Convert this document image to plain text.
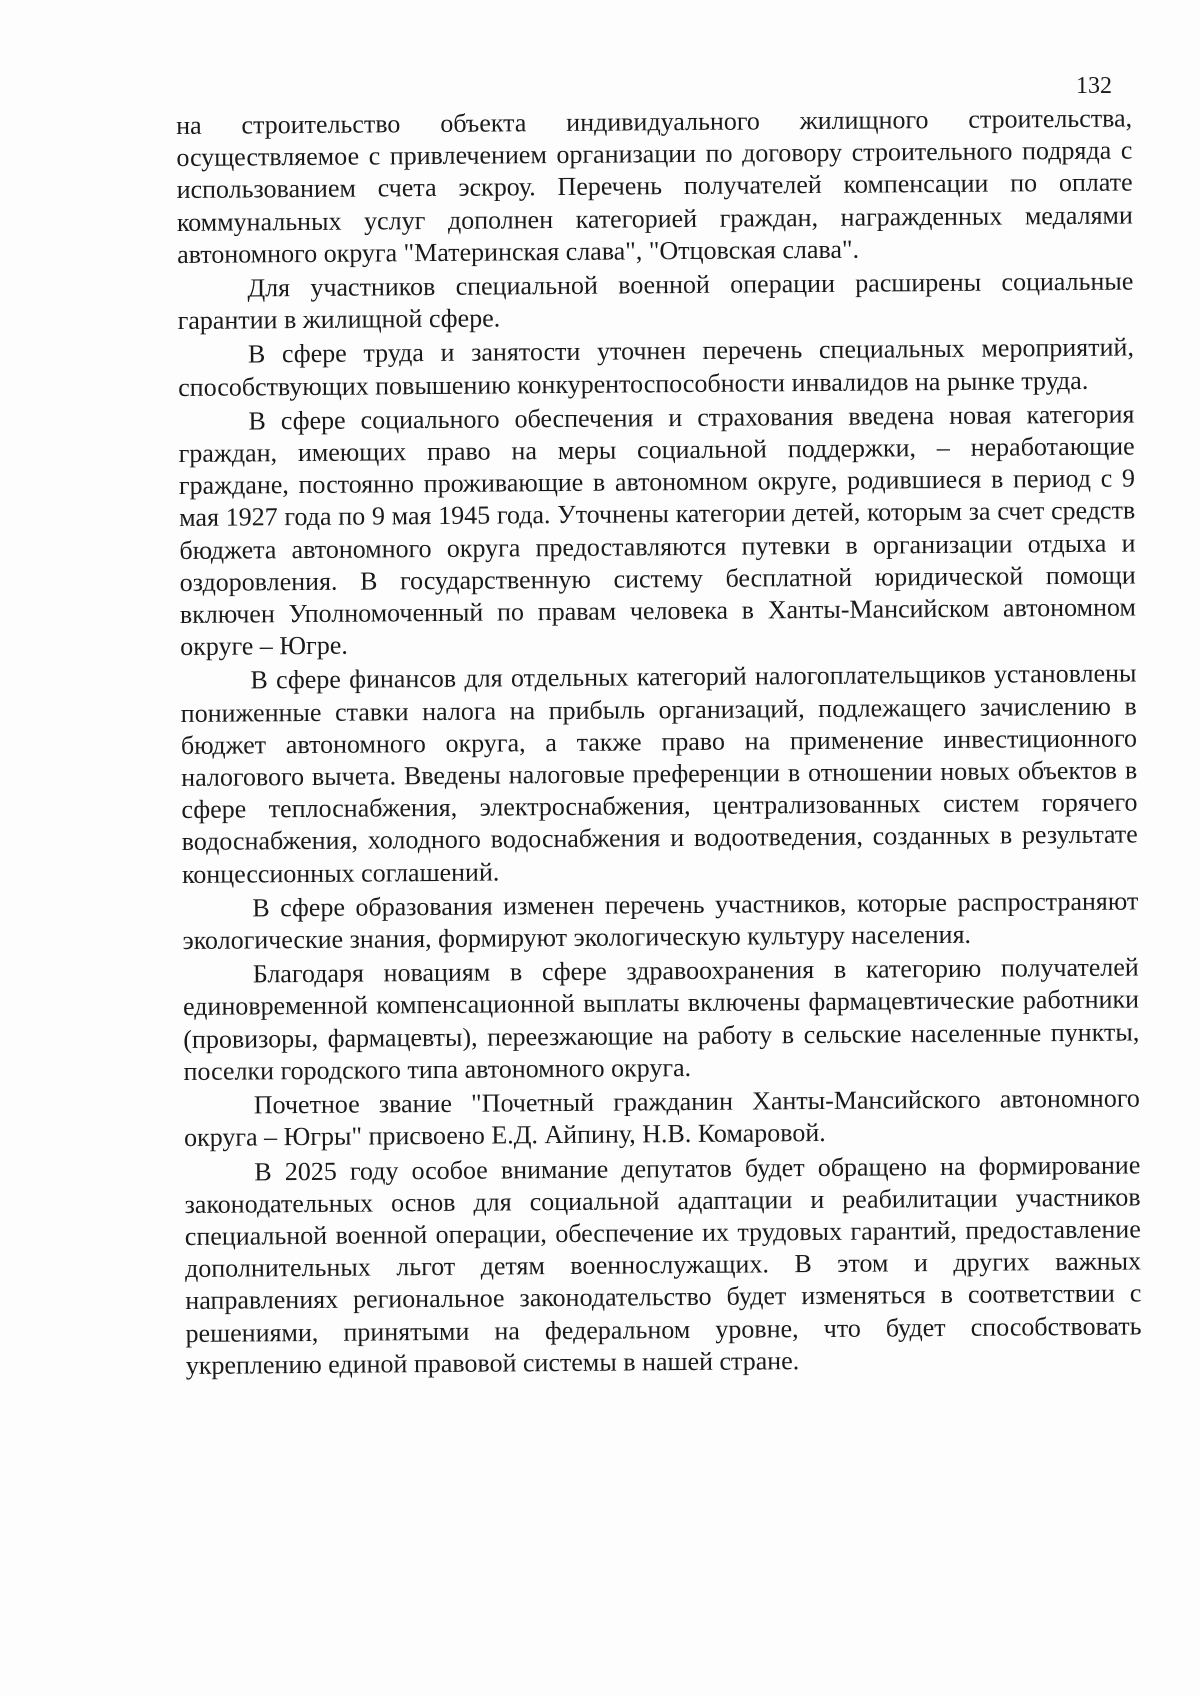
132

на строительство объекта индивидуального жилищного строительства, осуществляемое с привлечением организации по договору строительного подряда с использованием счета эскроу. Перечень получателей компенсации по оплате коммунальных услуг дополнен категорией граждан, награжденных медалями автономного округа "Материнская слава", "Отцовская слава".

Для участников специальной военной операции расширены социальные гарантии в жилищной сфере.

В сфере труда и занятости уточнен перечень специальных мероприятий, способствующих повышению конкурентоспособности инвалидов на рынке труда.

В сфере социального обеспечения и страхования введена новая категория граждан, имеющих право на меры социальной поддержки, – неработающие граждане, постоянно проживающие в автономном округе, родившиеся в период с 9 мая 1927 года по 9 мая 1945 года. Уточнены категории детей, которым за счет средств бюджета автономного округа предоставляются путевки в организации отдыха и оздоровления. В государственную систему бесплатной юридической помощи включен Уполномоченный по правам человека в Ханты-Мансийском автономном округе – Югре.

В сфере финансов для отдельных категорий налогоплательщиков установлены пониженные ставки налога на прибыль организаций, подлежащего зачислению в бюджет автономного округа, а также право на применение инвестиционного налогового вычета. Введены налоговые преференции в отношении новых объектов в сфере теплоснабжения, электроснабжения, централизованных систем горячего водоснабжения, холодного водоснабжения и водоотведения, созданных в результате концессионных соглашений.

В сфере образования изменен перечень участников, которые распространяют экологические знания, формируют экологическую культуру населения.

Благодаря новациям в сфере здравоохранения в категорию получателей единовременной компенсационной выплаты включены фармацевтические работники (провизоры, фармацевты), переезжающие на работу в сельские населенные пункты, поселки городского типа автономного округа.

Почетное звание "Почетный гражданин Ханты-Мансийского автономного округа – Югры" присвоено Е.Д. Айпину, Н.В. Комаровой.

В 2025 году особое внимание депутатов будет обращено на формирование законодательных основ для социальной адаптации и реабилитации участников специальной военной операции, обеспечение их трудовых гарантий, предоставление дополнительных льгот детям военнослужащих. В этом и других важных направлениях региональное законодательство будет изменяться в соответствии с решениями, принятыми на федеральном уровне, что будет способствовать укреплению единой правовой системы в нашей стране.
